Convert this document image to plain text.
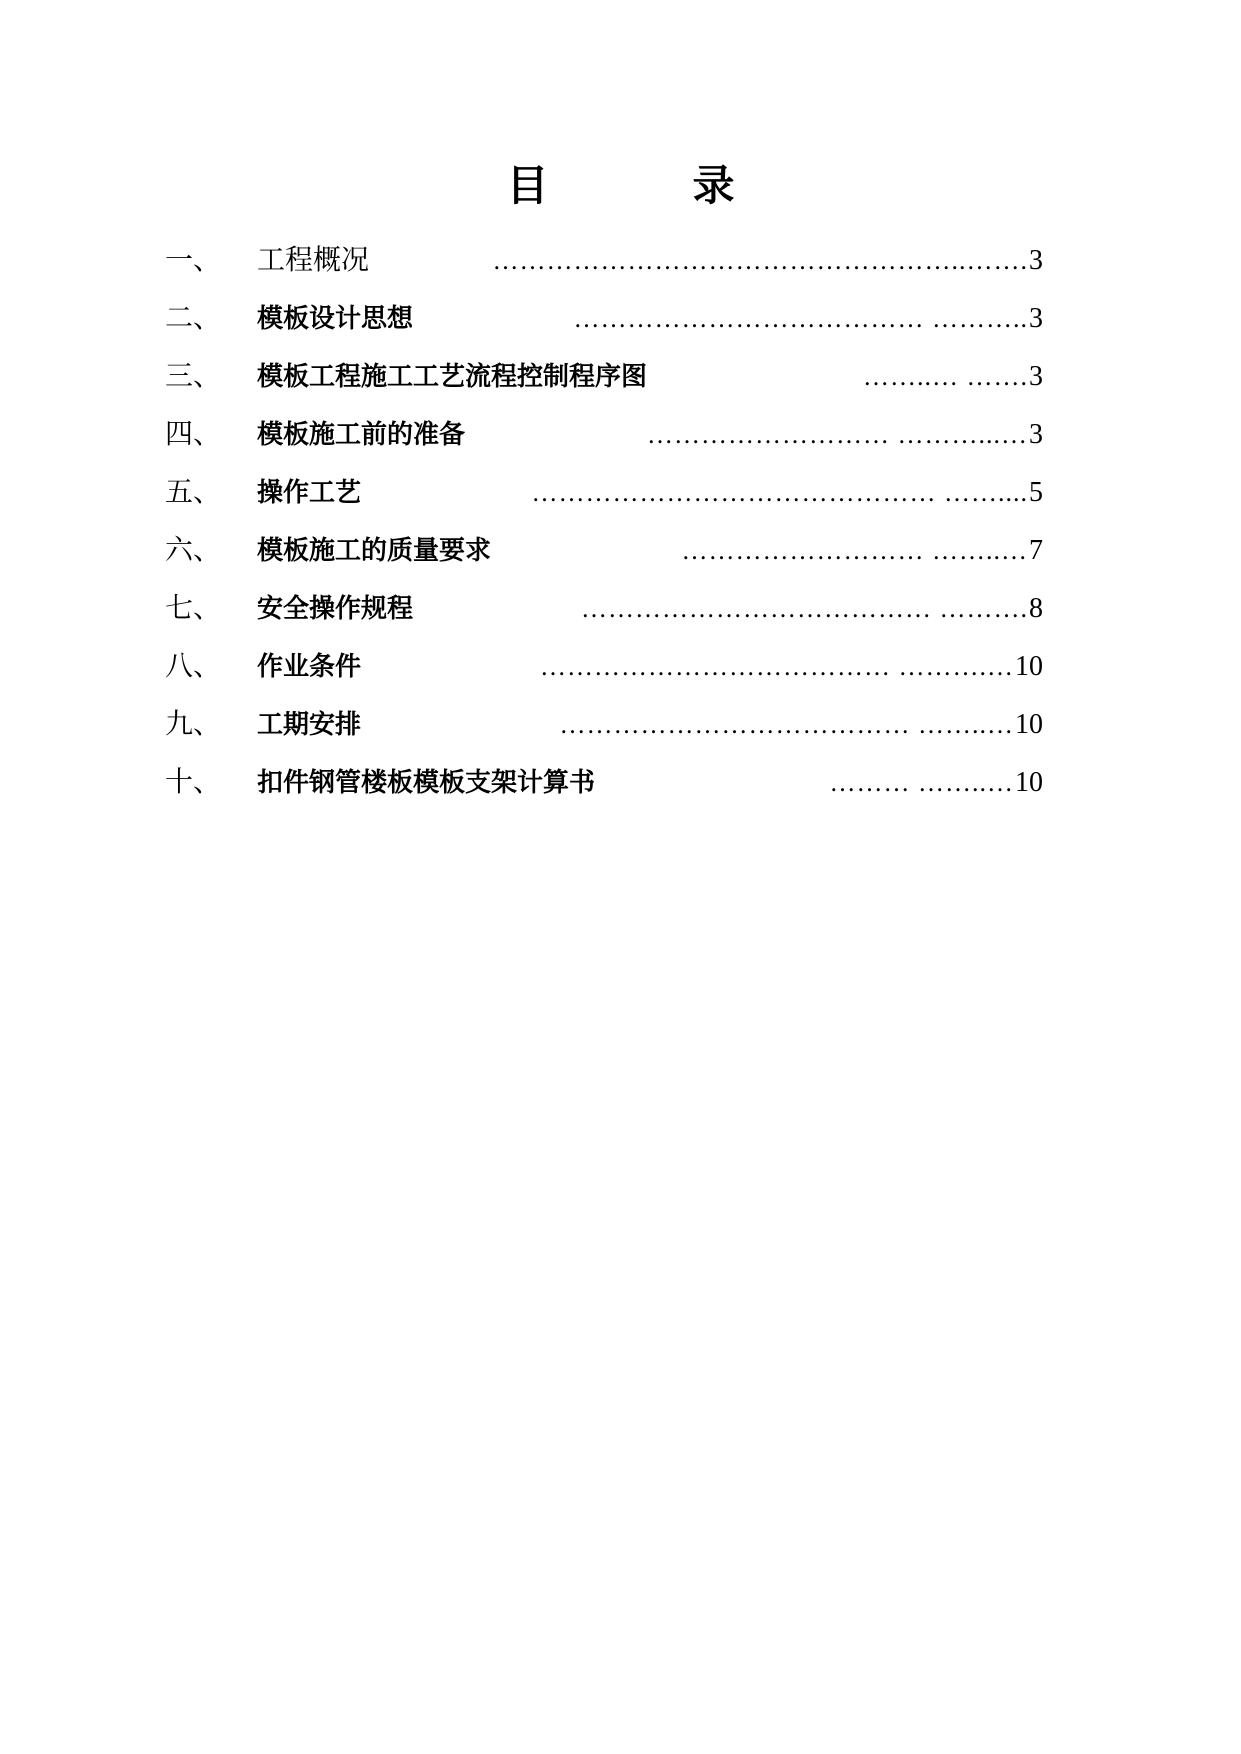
目	录
一、	工程概况	……………………………………………..……. 3
二、	模板设计思想	………………………………… ……….. 3
三、	模板工程施工工艺流程控制程序图	……..… ……. 3
四、	模板施工前的准备	……………………… ………...… 3
五、	操作工艺	……………………………………… …….... 5
六、	模板施工的质量要求	……………………… ……..… 7
七、	安全操作规程	………………………………… ………. 8
八、	作业条件	………………………………… ……….… 10
九、	工期安排	………………………………… ……..… 10
十、	扣件钢管楼板模板支架计算书	……… ……..… 10
